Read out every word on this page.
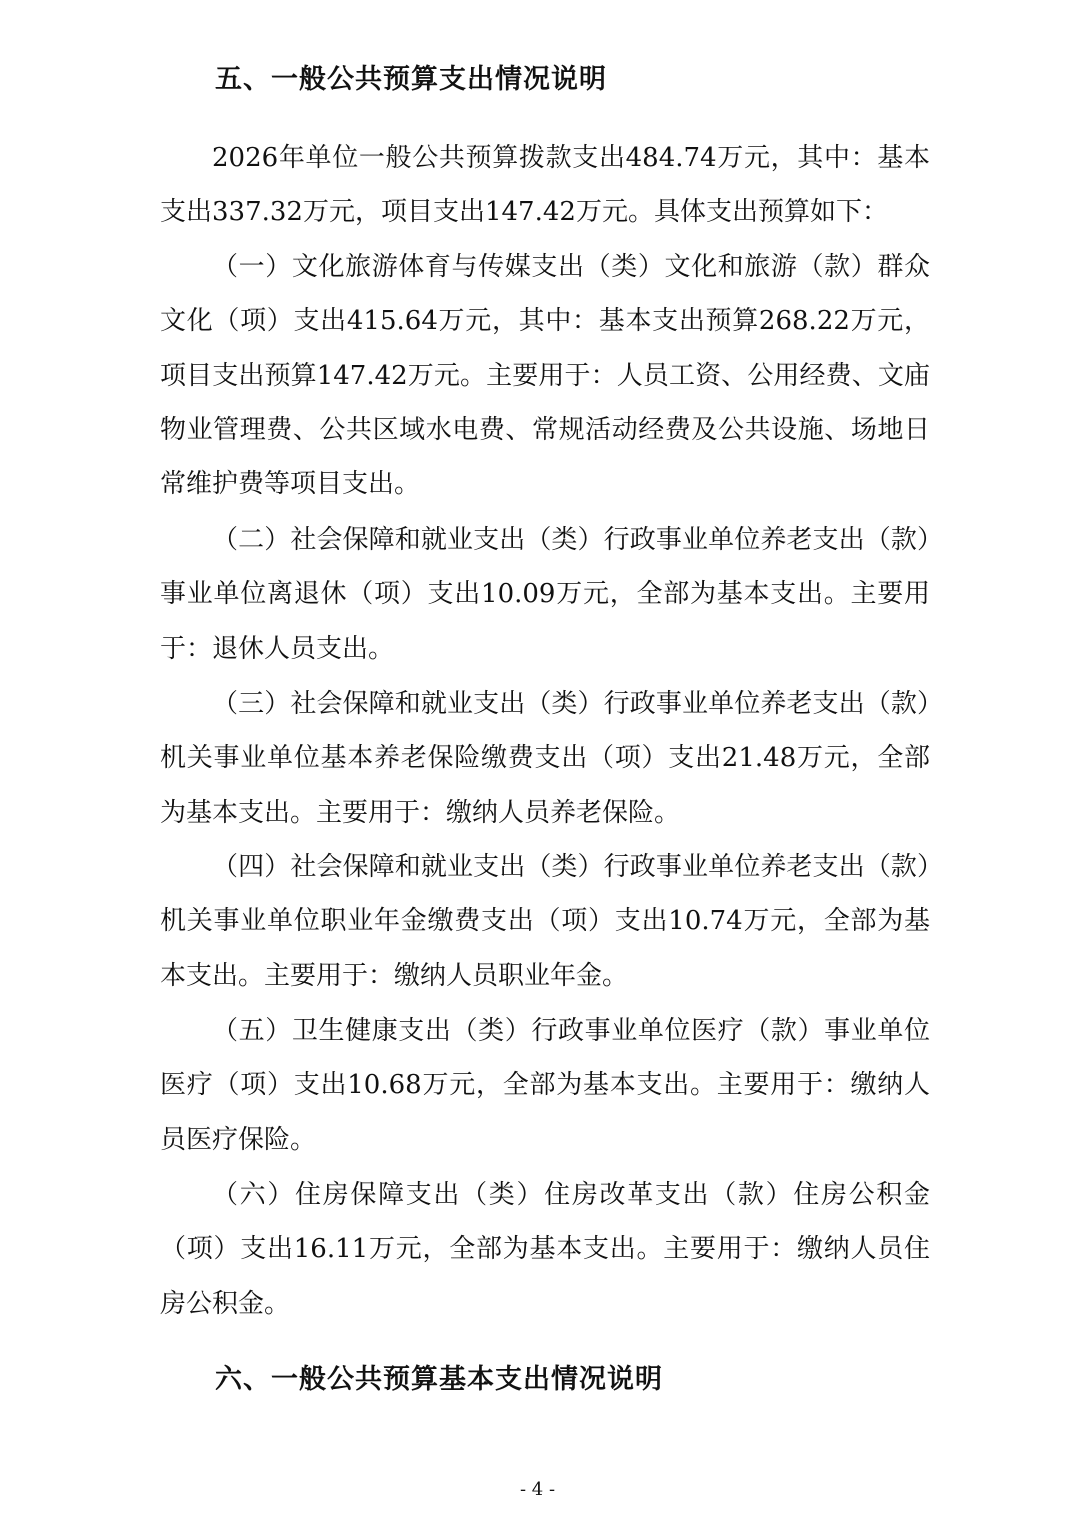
五、一般公共预算支出情况说明

2026年单位一般公共预算拨款支出484.74万元，其中：基本支出337.32万元，项目支出147.42万元。具体支出预算如下：

（一）文化旅游体育与传媒支出（类）文化和旅游（款）群众文化（项）支出415.64万元，其中：基本支出预算268.22万元，项目支出预算147.42万元。主要用于：人员工资、公用经费、文庙物业管理费、公共区域水电费、常规活动经费及公共设施、场地日常维护费等项目支出。

（二）社会保障和就业支出（类）行政事业单位养老支出（款）事业单位离退休（项）支出10.09万元，全部为基本支出。主要用于：退休人员支出。

（三）社会保障和就业支出（类）行政事业单位养老支出（款）机关事业单位基本养老保险缴费支出（项）支出21.48万元，全部为基本支出。主要用于：缴纳人员养老保险。

（四）社会保障和就业支出（类）行政事业单位养老支出（款）机关事业单位职业年金缴费支出（项）支出10.74万元，全部为基本支出。主要用于：缴纳人员职业年金。

（五）卫生健康支出（类）行政事业单位医疗（款）事业单位医疗（项）支出10.68万元，全部为基本支出。主要用于：缴纳人员医疗保险。

（六）住房保障支出（类）住房改革支出（款）住房公积金（项）支出16.11万元，全部为基本支出。主要用于：缴纳人员住房公积金。

六、一般公共预算基本支出情况说明
- 4 -
